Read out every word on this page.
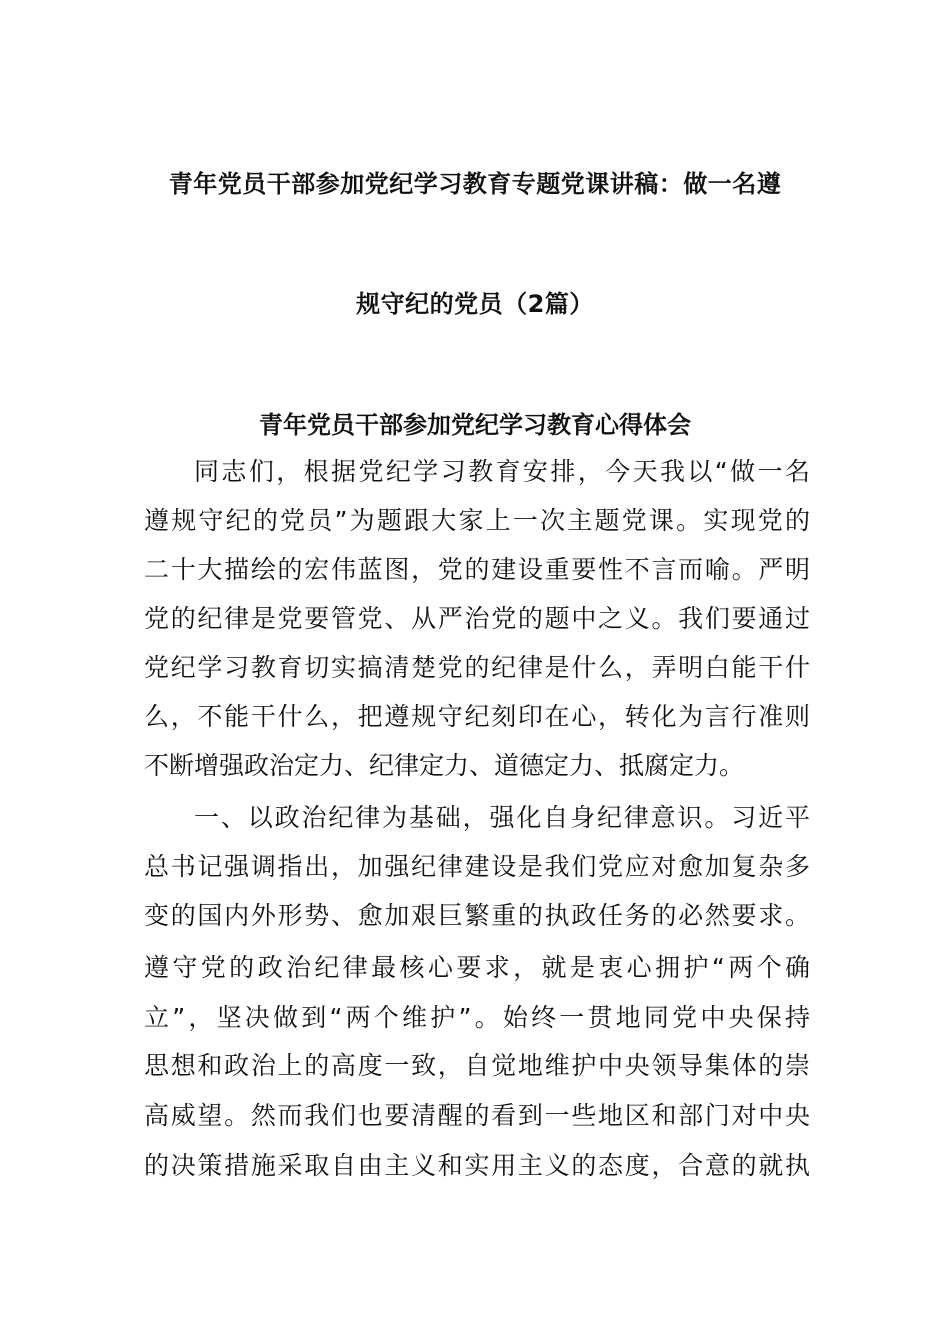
青年党员干部参加党纪学习教育专题党课讲稿：做一名遵
规守纪的党员（2篇）
青年党员干部参加党纪学习教育心得体会
同志们，根据党纪学习教育安排，今天我以“做一名
遵规守纪的党员”为题跟大家上一次主题党课。实现党的
二十大描绘的宏伟蓝图，党的建设重要性不言而喻。严明
党的纪律是党要管党、从严治党的题中之义。我们要通过
党纪学习教育切实搞清楚党的纪律是什么，弄明白能干什
么，不能干什么，把遵规守纪刻印在心，转化为言行准则
不断增强政治定力、纪律定力、道德定力、抵腐定力。
一、以政治纪律为基础，强化自身纪律意识。习近平
总书记强调指出，加强纪律建设是我们党应对愈加复杂多
变的国内外形势、愈加艰巨繁重的执政任务的必然要求。
遵守党的政治纪律最核心要求，就是衷心拥护“两个确
立”，坚决做到“两个维护”。始终一贯地同党中央保持
思想和政治上的高度一致，自觉地维护中央领导集体的崇
高威望。然而我们也要清醒的看到一些地区和部门对中央
的决策措施采取自由主义和实用主义的态度，合意的就执
